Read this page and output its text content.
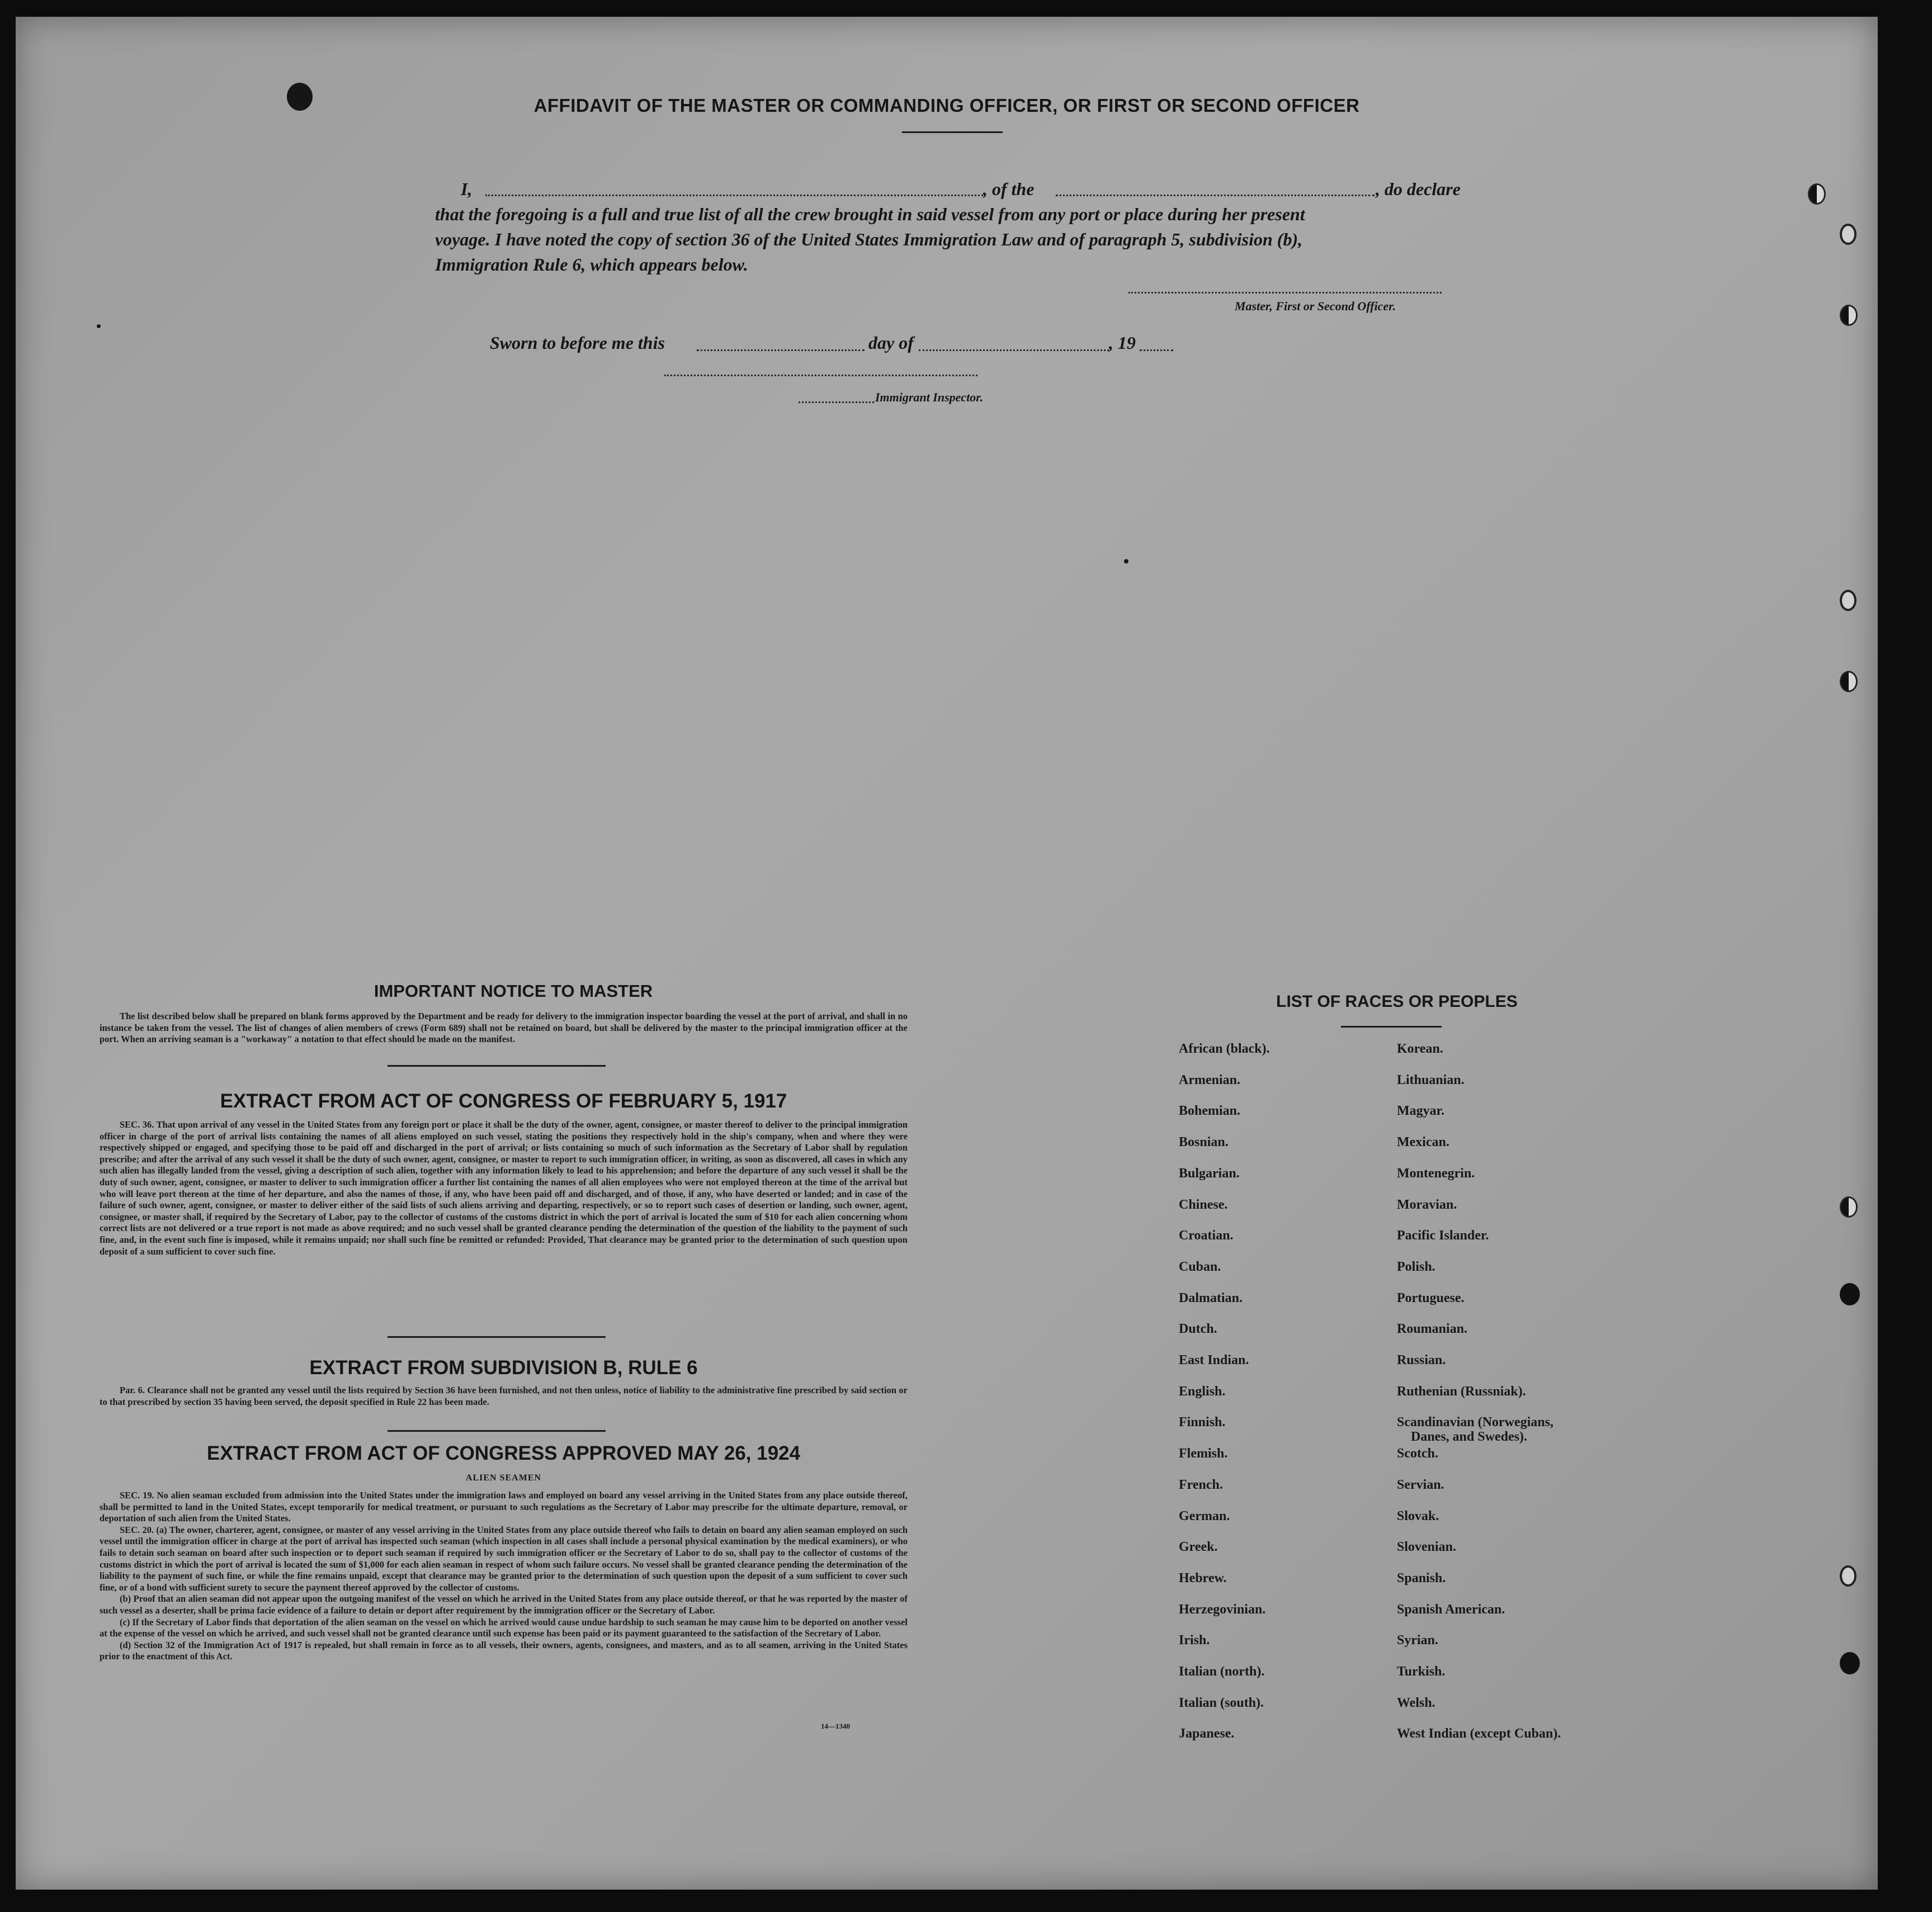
AFFIDAVIT OF THE MASTER OR COMMANDING OFFICER, OR FIRST OR SECOND OFFICER
I,	, of the	, do declare
that the foregoing is a full and true list of all the crew brought in said vessel from any port or place during her present
voyage. I have noted the copy of section 36 of the United States Immigration Law and of paragraph 5, subdivision (b),
Immigration Rule 6, which appears below.
Master, First or Second Officer.
Sworn to before me this	day of	, 19
Immigrant Inspector.
IMPORTANT NOTICE TO MASTER
The list described below shall be prepared on blank forms approved by the Department and be ready for delivery to the immigration inspector boarding the vessel at the port of arrival, and shall in no instance be taken from the vessel. The list of changes of alien members of crews (Form 689) shall not be retained on board, but shall be delivered by the master to the principal immigration officer at the port. When an arriving seaman is a "workaway" a notation to that effect should be made on the manifest.
EXTRACT FROM ACT OF CONGRESS OF FEBRUARY 5, 1917
SEC. 36. That upon arrival of any vessel in the United States from any foreign port or place it shall be the duty of the owner, agent, consignee, or master thereof to deliver to the principal immigration officer in charge of the port of arrival lists containing the names of all aliens employed on such vessel, stating the positions they respectively hold in the ship's company, when and where they were respectively shipped or engaged, and specifying those to be paid off and discharged in the port of arrival; or lists containing so much of such information as the Secretary of Labor shall by regulation prescribe; and after the arrival of any such vessel it shall be the duty of such owner, agent, consignee, or master to report to such immigration officer, in writing, as soon as discovered, all cases in which any such alien has illegally landed from the vessel, giving a description of such alien, together with any information likely to lead to his apprehension; and before the departure of any such vessel it shall be the duty of such owner, agent, consignee, or master to deliver to such immigration officer a further list containing the names of all alien employees who were not employed thereon at the time of the arrival but who will leave port thereon at the time of her departure, and also the names of those, if any, who have been paid off and discharged, and of those, if any, who have deserted or landed; and in case of the failure of such owner, agent, consignee, or master to deliver either of the said lists of such aliens arriving and departing, respectively, or so to report such cases of desertion or landing, such owner, agent, consignee, or master shall, if required by the Secretary of Labor, pay to the collector of customs of the customs district in which the port of arrival is located the sum of $10 for each alien concerning whom correct lists are not delivered or a true report is not made as above required; and no such vessel shall be granted clearance pending the determination of the question of the liability to the payment of such fine, and, in the event such fine is imposed, while it remains unpaid; nor shall such fine be remitted or refunded: Provided, That clearance may be granted prior to the determination of such question upon deposit of a sum sufficient to cover such fine.
EXTRACT FROM SUBDIVISION B, RULE 6
Par. 6. Clearance shall not be granted any vessel until the lists required by Section 36 have been furnished, and not then unless, notice of liability to the administrative fine prescribed by said section or to that prescribed by section 35 having been served, the deposit specified in Rule 22 has been made.
EXTRACT FROM ACT OF CONGRESS APPROVED MAY 26, 1924
ALIEN SEAMEN
SEC. 19. No alien seaman excluded from admission into the United States under the immigration laws and employed on board any vessel arriving in the United States from any place outside thereof, shall be permitted to land in the United States, except temporarily for medical treatment, or pursuant to such regulations as the Secretary of Labor may prescribe for the ultimate departure, removal, or deportation of such alien from the United States.
SEC. 20. (a) The owner, charterer, agent, consignee, or master of any vessel arriving in the United States from any place outside thereof who fails to detain on board any alien seaman employed on such vessel until the immigration officer in charge at the port of arrival has inspected such seaman (which inspection in all cases shall include a personal physical examination by the medical examiners), or who fails to detain such seaman on board after such inspection or to deport such seaman if required by such immigration officer or the Secretary of Labor to do so, shall pay to the collector of customs of the customs district in which the port of arrival is located the sum of $1,000 for each alien seaman in respect of whom such failure occurs. No vessel shall be granted clearance pending the determination of the liability to the payment of such fine, or while the fine remains unpaid, except that clearance may be granted prior to the determination of such question upon the deposit of a sum sufficient to cover such fine, or of a bond with sufficient surety to secure the payment thereof approved by the collector of customs.
(b) Proof that an alien seaman did not appear upon the outgoing manifest of the vessel on which he arrived in the United States from any place outside thereof, or that he was reported by the master of such vessel as a deserter, shall be prima facie evidence of a failure to detain or deport after requirement by the immigration officer or the Secretary of Labor.
(c) If the Secretary of Labor finds that deportation of the alien seaman on the vessel on which he arrived would cause undue hardship to such seaman he may cause him to be deported on another vessel at the expense of the vessel on which he arrived, and such vessel shall not be granted clearance until such expense has been paid or its payment guaranteed to the satisfaction of the Secretary of Labor.
(d) Section 32 of the Immigration Act of 1917 is repealed, but shall remain in force as to all vessels, their owners, agents, consignees, and masters, and as to all seamen, arriving in the United States prior to the enactment of this Act.
14—1340
LIST OF RACES OR PEOPLES
African (black).
Armenian.
Bohemian.
Bosnian.
Bulgarian.
Chinese.
Croatian.
Cuban.
Dalmatian.
Dutch.
East Indian.
English.
Finnish.
Flemish.
French.
German.
Greek.
Hebrew.
Herzegovinian.
Irish.
Italian (north).
Italian (south).
Japanese.
Korean.
Lithuanian.
Magyar.
Mexican.
Montenegrin.
Moravian.
Pacific Islander.
Polish.
Portuguese.
Roumanian.
Russian.
Ruthenian (Russniak).
Scandinavian (Norwegians,
Danes, and Swedes).
Scotch.
Servian.
Slovak.
Slovenian.
Spanish.
Spanish American.
Syrian.
Turkish.
Welsh.
West Indian (except Cuban).
